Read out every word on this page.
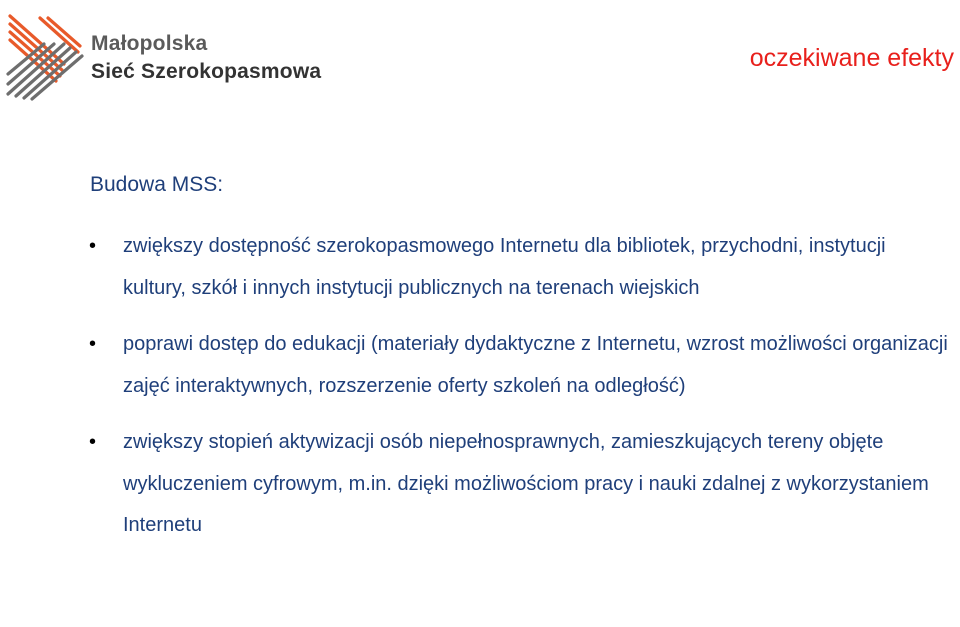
Małopolska
Sieć Szerokopasmowa	oczekiwane efekty
Budowa MSS:
• zwiększy dostępność szerokopasmowego Internetu dla bibliotek, przychodni, instytucji kultury, szkół i innych instytucji publicznych na terenach wiejskich
• poprawi dostęp do edukacji (materiały dydaktyczne z Internetu, wzrost możliwości organizacji zajęć interaktywnych, rozszerzenie oferty szkoleń na odległość)
• zwiększy stopień aktywizacji osób niepełnosprawnych, zamieszkujących tereny objęte wykluczeniem cyfrowym, m.in. dzięki możliwościom pracy i nauki zdalnej z wykorzystaniem Internetu
